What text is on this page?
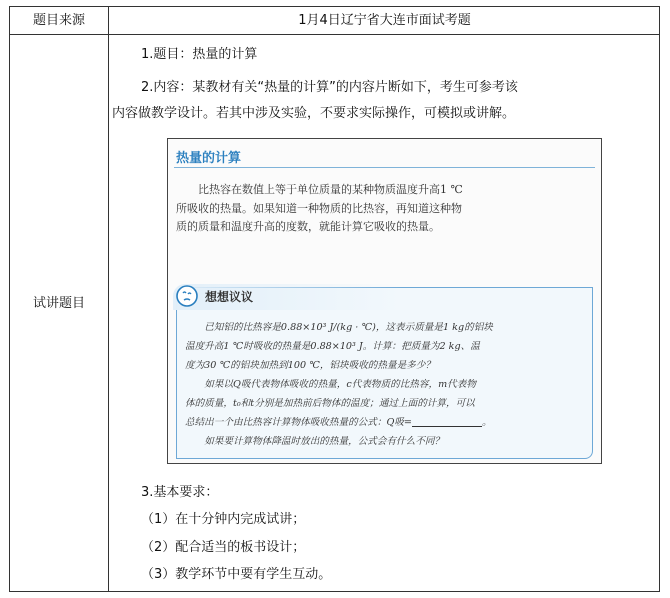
题目来源	1月4日辽宁省大连市面试考题
试讲题目
1.题目：热量的计算
2.内容：某教材有关“热量的计算”的内容片断如下，考生可参考该
内容做教学设计。若其中涉及实验，不要求实际操作，可模拟或讲解。
热量的计算
比热容在数值上等于单位质量的某种物质温度升高1 ℃所吸收的热量。如果知道一种物质的比热容，再知道这种物质的质量和温度升高的度数，就能计算它吸收的热量。
想想议议
已知铝的比热容是0.88×10³ J/(kg · ℃)，这表示质量是1 kg的铝块
温度升高1 ℃时吸收的热量是0.88×10³ J。计算：把质量为2 kg、温
度为30 ℃的铝块加热到100 ℃，铝块吸收的热量是多少？
如果以Q吸代表物体吸收的热量，c代表物质的比热容，m代表物
体的质量，t₀和t分别是加热前后物体的温度；通过上面的计算，可以
总结出一个由比热容计算物体吸收热量的公式：Q吸=	。
如果要计算物体降温时放出的热量，公式会有什么不同？
3.基本要求：
（1）在十分钟内完成试讲；
（2）配合适当的板书设计；
（3）教学环节中要有学生互动。
